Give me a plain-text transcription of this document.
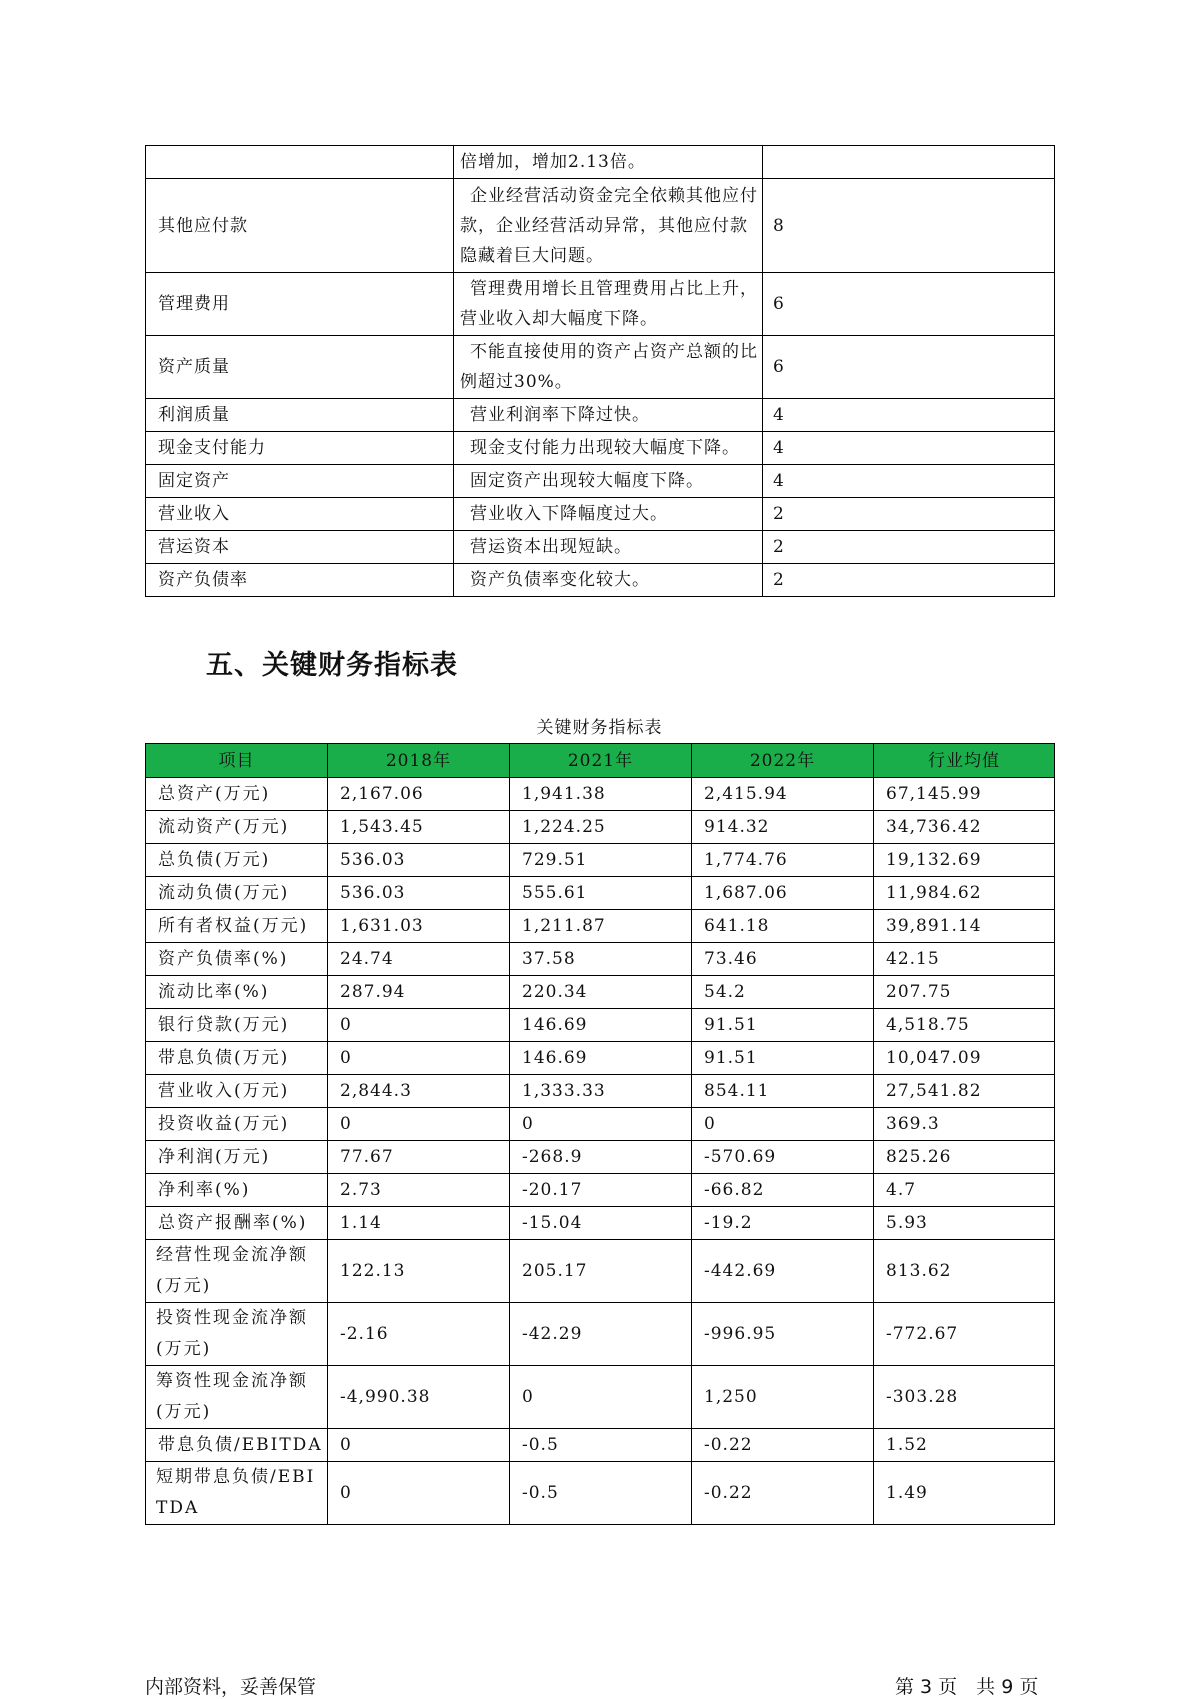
	倍增加，增加2.13倍。	
其他应付款	企业经营活动资金完全依赖其他应付款，企业经营活动异常，其他应付款隐藏着巨大问题。	8
管理费用	管理费用增长且管理费用占比上升，营业收入却大幅度下降。	6
资产质量	不能直接使用的资产占资产总额的比例超过30%。	6
利润质量	营业利润率下降过快。	4
现金支付能力	现金支付能力出现较大幅度下降。	4
固定资产	固定资产出现较大幅度下降。	4
营业收入	营业收入下降幅度过大。	2
营运资本	营运资本出现短缺。	2
资产负债率	资产负债率变化较大。	2
五、关键财务指标表
关键财务指标表
项目	2018年	2021年	2022年	行业均值
总资产(万元)	2,167.06	1,941.38	2,415.94	67,145.99
流动资产(万元)	1,543.45	1,224.25	914.32	34,736.42
总负债(万元)	536.03	729.51	1,774.76	19,132.69
流动负债(万元)	536.03	555.61	1,687.06	11,984.62
所有者权益(万元)	1,631.03	1,211.87	641.18	39,891.14
资产负债率(%)	24.74	37.58	73.46	42.15
流动比率(%)	287.94	220.34	54.2	207.75
银行贷款(万元)	0	146.69	91.51	4,518.75
带息负债(万元)	0	146.69	91.51	10,047.09
营业收入(万元)	2,844.3	1,333.33	854.11	27,541.82
投资收益(万元)	0	0	0	369.3
净利润(万元)	77.67	-268.9	-570.69	825.26
净利率(%)	2.73	-20.17	-66.82	4.7
总资产报酬率(%)	1.14	-15.04	-19.2	5.93
经营性现金流净额(万元)	122.13	205.17	-442.69	813.62
投资性现金流净额(万元)	-2.16	-42.29	-996.95	-772.67
筹资性现金流净额(万元)	-4,990.38	0	1,250	-303.28
带息负债/EBITDA	0	-0.5	-0.22	1.52
短期带息负债/EBITDA	0	-0.5	-0.22	1.49
内部资料，妥善保管	第 3 页　共 9 页
